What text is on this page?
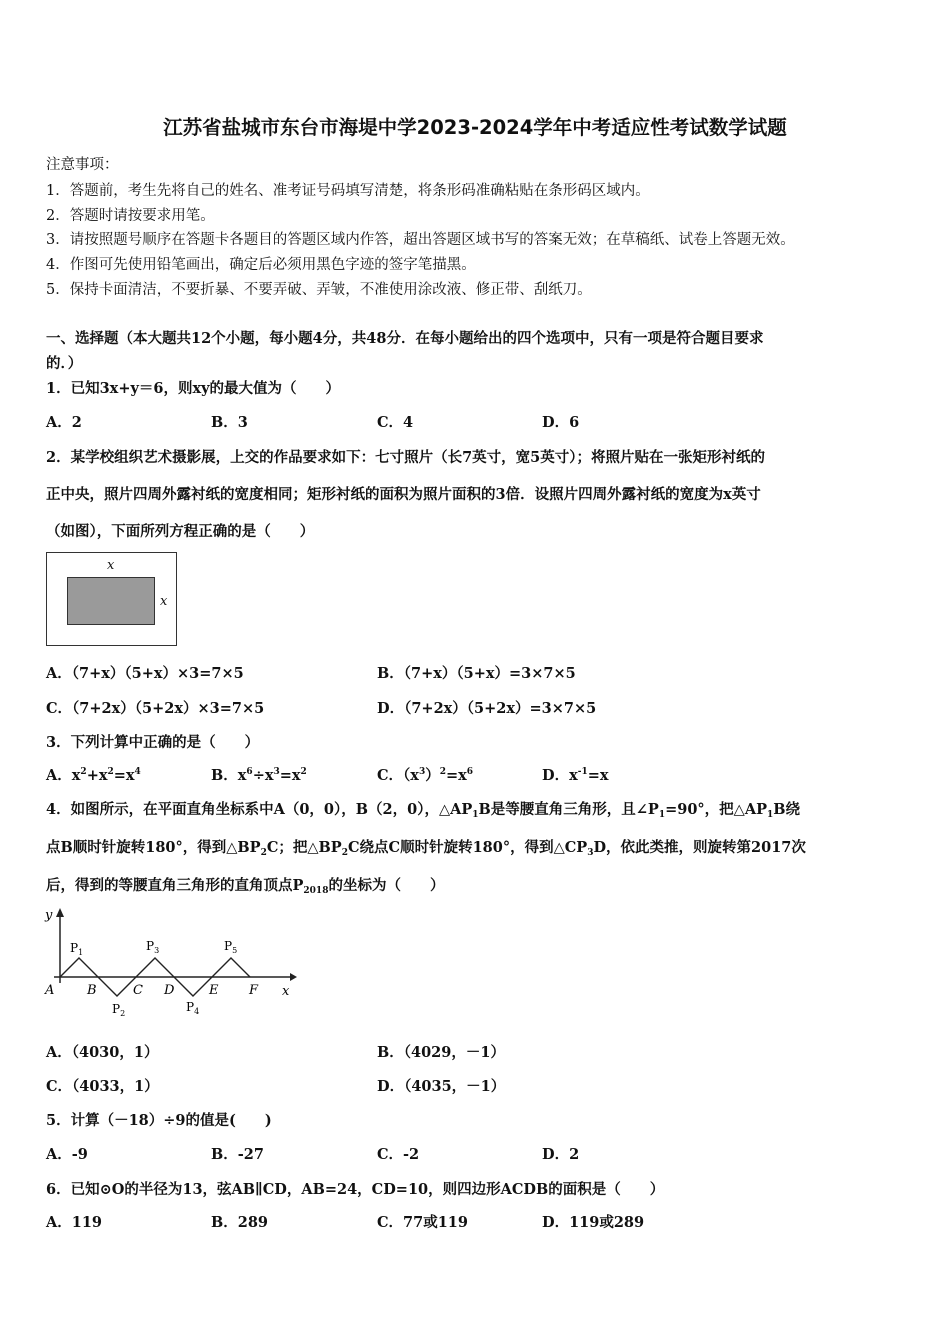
江苏省盐城市东台市海堤中学2023-2024学年中考适应性考试数学试题
注意事项：
1．答题前，考生先将自己的姓名、准考证号码填写清楚，将条形码准确粘贴在条形码区域内。
2．答题时请按要求用笔。
3．请按照题号顺序在答题卡各题目的答题区域内作答，超出答题区域书写的答案无效；在草稿纸、试卷上答题无效。
4．作图可先使用铅笔画出，确定后必须用黑色字迹的签字笔描黑。
5．保持卡面清洁，不要折暴、不要弄破、弄皱，不准使用涂改液、修正带、刮纸刀。
一、选择题（本大题共12个小题，每小题4分，共48分．在每小题给出的四个选项中，只有一项是符合题目要求
的．）
1．已知3x+y＝6，则xy的最大值为（　　）
A．2	B．3	C．4	D．6
2．某学校组织艺术摄影展，上交的作品要求如下：七寸照片（长7英寸，宽5英寸）；将照片贴在一张矩形衬纸的
正中央，照片四周外露衬纸的宽度相同；矩形衬纸的面积为照片面积的3倍．设照片四周外露衬纸的宽度为x英寸
（如图），下面所列方程正确的是（　　）
x
x
A．（7+x）（5+x）×3=7×5	B．（7+x）（5+x）=3×7×5
C．（7+2x）（5+2x）×3=7×5	D．（7+2x）（5+2x）=3×7×5
3．下列计算中正确的是（　　）
A．$x^2+x^2=x^4$	B．$x^6\div x^3=x^2$	C．$(x^3)^2=x^6$	D．$x^{-1}=x$
4．如图所示，在平面直角坐标系中A（0，0），B（2，0），$\triangle AP_1B$是等腰直角三角形，且$\angle P_1=90^\circ$，把$\triangle AP_1B$绕
点B顺时针旋转180°，得到$\triangle BP_2C$；把$\triangle BP_2C$绕点C顺时针旋转180°，得到$\triangle CP_3D$，依此类推，则旋转第2017次
后，得到的等腰直角三角形的直角顶点$P_{2018}$的坐标为（　　）
y
x
A	B	C D	E F
$P_1$
$P_2$
$P_3$
$P_4$
$P_5$
A．（4030，1）	B．（4029，－1）
C．（4033，1）	D．（4035，－1）
5．计算（－18）÷9的值是(　　)
A．-9	B．-27	C．-2	D．2
6．已知⊙O的半径为13，弦AB∥CD，AB=24，CD=10，则四边形ACDB的面积是（　　）
A．119	B．289	C．77或119	D．119或289
